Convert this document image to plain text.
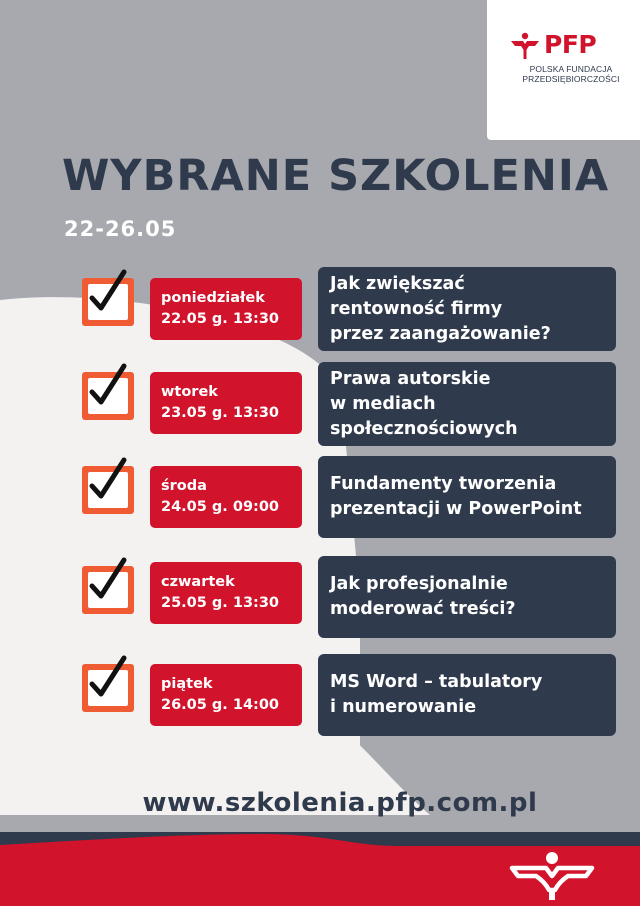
PFP
POLSKA FUNDACJA
PRZEDSIĘBIORCZOŚCI
WYBRANE SZKOLENIA
22-26.05
poniedziałek
22.05 g. 13:30
Jak zwiększać
rentowność firmy
przez zaangażowanie?
wtorek
23.05 g. 13:30
Prawa autorskie
w mediach
społecznościowych
środa
24.05 g. 09:00
Fundamenty tworzenia
prezentacji w PowerPoint
czwartek
25.05 g. 13:30
Jak profesjonalnie
moderować treści?
piątek
26.05 g. 14:00
MS Word – tabulatory
i numerowanie
www.szkolenia.pfp.com.pl
